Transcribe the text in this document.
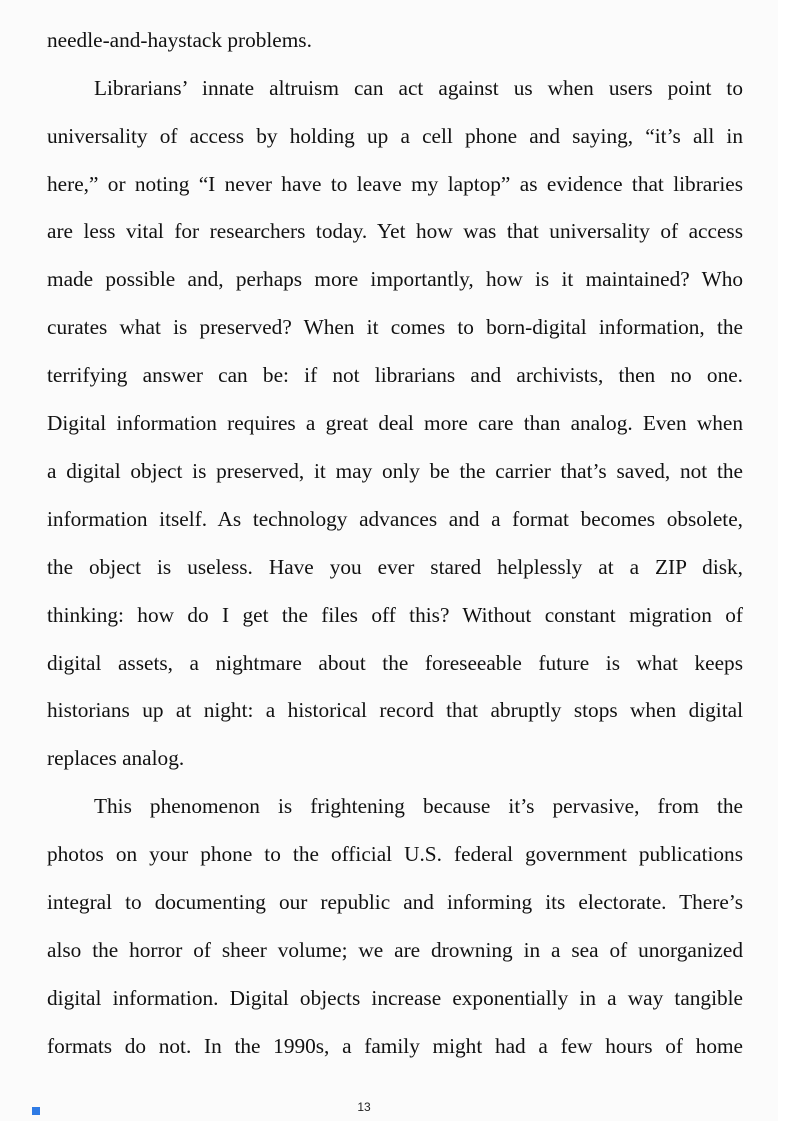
needle-and-haystack problems.

Librarians’ innate altruism can act against us when users point to

universality of access by holding up a cell phone and saying, “it’s all in

here,” or noting “I never have to leave my laptop” as evidence that libraries

are less vital for researchers today. Yet how was that universality of access

made possible and, perhaps more importantly, how is it maintained? Who

curates what is preserved? When it comes to born-digital information, the

terrifying answer can be: if not librarians and archivists, then no one.

Digital information requires a great deal more care than analog. Even when

a digital object is preserved, it may only be the carrier that’s saved, not the

information itself. As technology advances and a format becomes obsolete,

the object is useless. Have you ever stared helplessly at a ZIP disk,

thinking: how do I get the files off this? Without constant migration of

digital assets, a nightmare about the foreseeable future is what keeps

historians up at night: a historical record that abruptly stops when digital

replaces analog.

This phenomenon is frightening because it’s pervasive, from the

photos on your phone to the official U.S. federal government publications

integral to documenting our republic and informing its electorate. There’s

also the horror of sheer volume; we are drowning in a sea of unorganized

digital information. Digital objects increase exponentially in a way tangible

formats do not. In the 1990s, a family might had a few hours of home

13
